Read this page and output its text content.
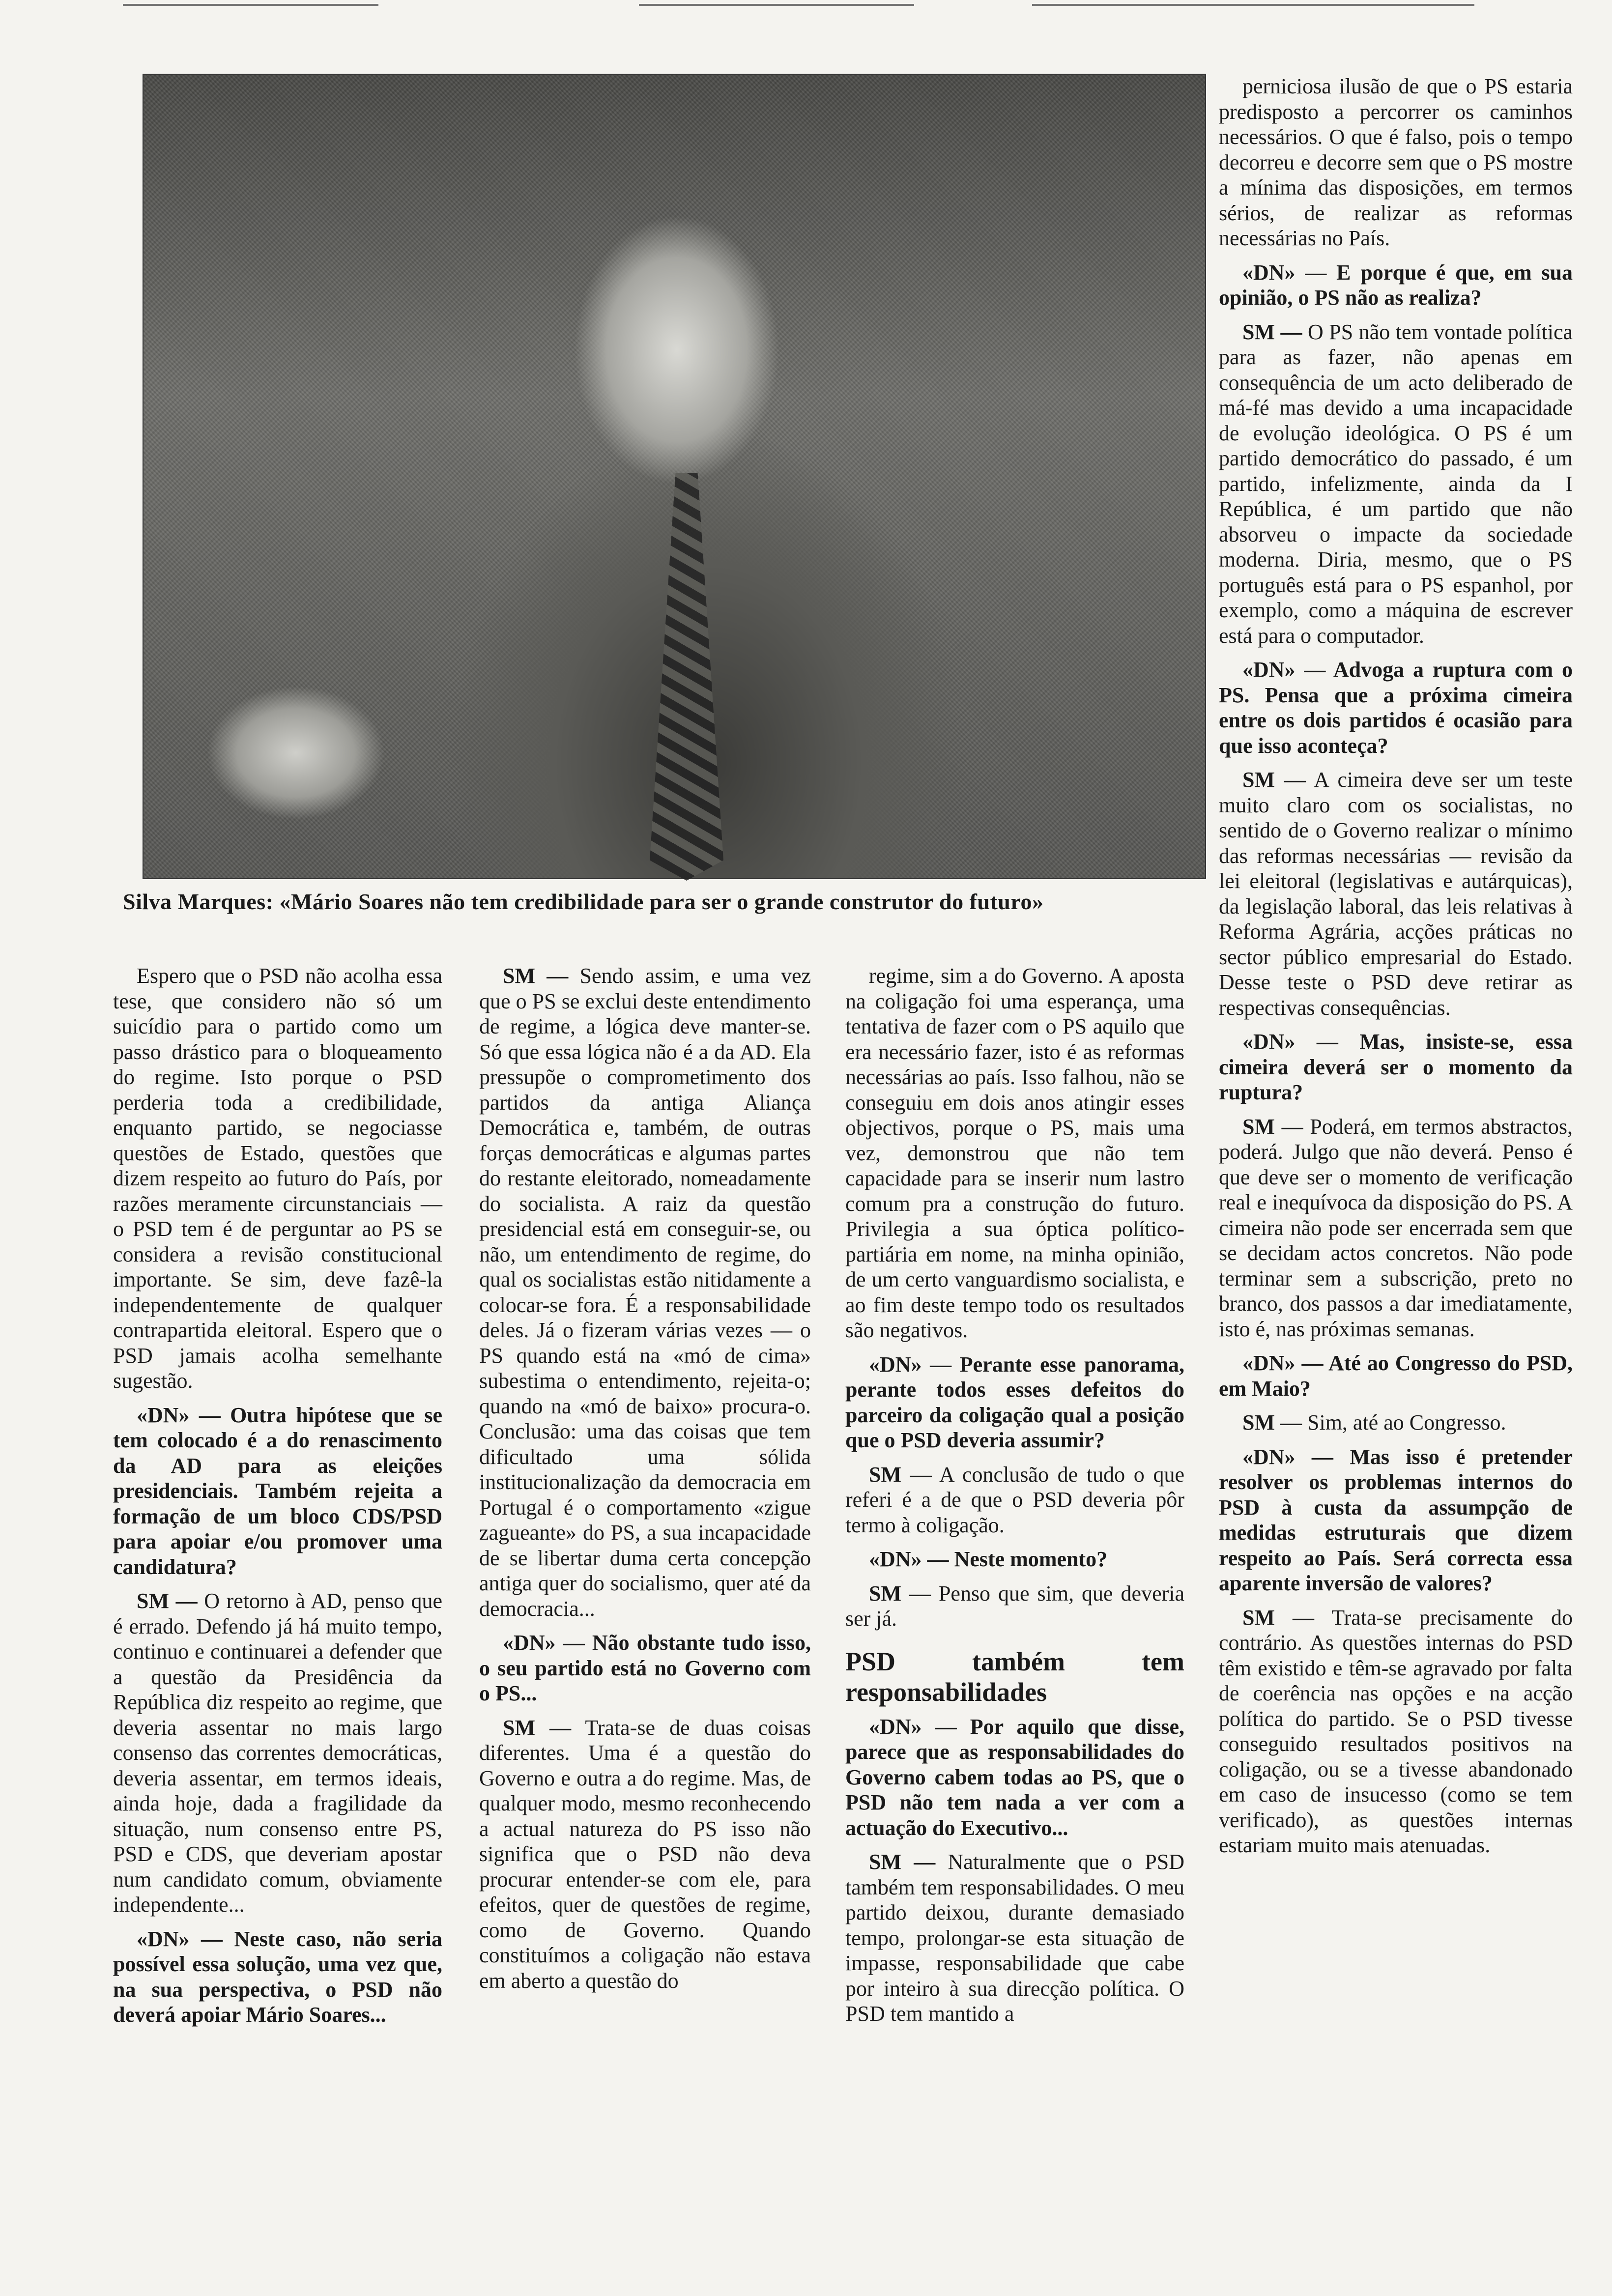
Silva Marques: «Mário Soares não tem credibilidade para ser o grande construtor do futuro»

Espero que o PSD não acolha essa tese, que considero não só um suicídio para o partido como um passo drástico para o bloqueamento do regime. Isto porque o PSD perderia toda a credibilidade, enquanto partido, se negociasse questões de Estado, questões que dizem respeito ao futuro do País, por razões meramente circunstanciais — o PSD tem é de perguntar ao PS se considera a revisão constitucional importante. Se sim, deve fazê-la independentemente de qualquer contrapartida eleitoral. Espero que o PSD jamais acolha semelhante sugestão.

«DN» — Outra hipótese que se tem colocado é a do renascimento da AD para as eleições presidenciais. Também rejeita a formação de um bloco CDS/PSD para apoiar e/ou promover uma candidatura?

SM — O retorno à AD, penso que é errado. Defendo já há muito tempo, continuo e continuarei a defender que a questão da Presidência da República diz respeito ao regime, que deveria assentar no mais largo consenso das correntes democráticas, deveria assentar, em termos ideais, ainda hoje, dada a fragilidade da situação, num consenso entre PS, PSD e CDS, que deveriam apostar num candidato comum, obviamente independente...

«DN» — Neste caso, não seria possível essa solução, uma vez que, na sua perspectiva, o PSD não deverá apoiar Mário Soares...

SM — Sendo assim, e uma vez que o PS se exclui deste entendimento de regime, a lógica deve manter-se. Só que essa lógica não é a da AD. Ela pressupõe o comprometimento dos partidos da antiga Aliança Democrática e, também, de outras forças democráticas e algumas partes do restante eleitorado, nomeadamente do socialista. A raiz da questão presidencial está em conseguir-se, ou não, um entendimento de regime, do qual os socialistas estão nitidamente a colocar-se fora. É a responsabilidade deles. Já o fizeram várias vezes — o PS quando está na «mó de cima» subestima o entendimento, rejeita-o; quando na «mó de baixo» procura-o. Conclusão: uma das coisas que tem dificultado uma sólida institucionalização da democracia em Portugal é o comportamento «zigue zagueante» do PS, a sua incapacidade de se libertar duma certa concepção antiga quer do socialismo, quer até da democracia...

«DN» — Não obstante tudo isso, o seu partido está no Governo com o PS...

SM — Trata-se de duas coisas diferentes. Uma é a questão do Governo e outra a do regime. Mas, de qualquer modo, mesmo reconhecendo a actual natureza do PS isso não significa que o PSD não deva procurar entender-se com ele, para efeitos, quer de questões de regime, como de Governo. Quando constituímos a coligação não estava em aberto a questão do

regime, sim a do Governo. A aposta na coligação foi uma esperança, uma tentativa de fazer com o PS aquilo que era necessário fazer, isto é as reformas necessárias ao país. Isso falhou, não se conseguiu em dois anos atingir esses objectivos, porque o PS, mais uma vez, demonstrou que não tem capacidade para se inserir num lastro comum pra a construção do futuro. Privilegia a sua óptica político-partiária em nome, na minha opinião, de um certo vanguardismo socialista, e ao fim deste tempo todo os resultados são negativos.

«DN» — Perante esse panorama, perante todos esses defeitos do parceiro da coligação qual a posição que o PSD deveria assumir?

SM — A conclusão de tudo o que referi é a de que o PSD deveria pôr termo à coligação.

«DN» — Neste momento?

SM — Penso que sim, que deveria ser já.

PSD também tem responsabilidades

«DN» — Por aquilo que disse, parece que as responsabilidades do Governo cabem todas ao PS, que o PSD não tem nada a ver com a actuação do Executivo...

SM — Naturalmente que o PSD também tem responsabilidades. O meu partido deixou, durante demasiado tempo, prolongar-se esta situação de impasse, responsabilidade que cabe por inteiro à sua direcção política. O PSD tem mantido a

perniciosa ilusão de que o PS estaria predisposto a percorrer os caminhos necessários. O que é falso, pois o tempo decorreu e decorre sem que o PS mostre a mínima das disposições, em termos sérios, de realizar as reformas necessárias no País.

«DN» — E porque é que, em sua opinião, o PS não as realiza?

SM — O PS não tem vontade política para as fazer, não apenas em consequência de um acto deliberado de má-fé mas devido a uma incapacidade de evolução ideológica. O PS é um partido democrático do passado, é um partido, infelizmente, ainda da I República, é um partido que não absorveu o impacte da sociedade moderna. Diria, mesmo, que o PS português está para o PS espanhol, por exemplo, como a máquina de escrever está para o computador.

«DN» — Advoga a ruptura com o PS. Pensa que a próxima cimeira entre os dois partidos é ocasião para que isso aconteça?

SM — A cimeira deve ser um teste muito claro com os socialistas, no sentido de o Governo realizar o mínimo das reformas necessárias — revisão da lei eleitoral (legislativas e autárquicas), da legislação laboral, das leis relativas à Reforma Agrária, acções práticas no sector público empresarial do Estado. Desse teste o PSD deve retirar as respectivas consequências.

«DN» — Mas, insiste-se, essa cimeira deverá ser o momento da ruptura?

SM — Poderá, em termos abstractos, poderá. Julgo que não deverá. Penso é que deve ser o momento de verificação real e inequívoca da disposição do PS. A cimeira não pode ser encerrada sem que se decidam actos concretos. Não pode terminar sem a subscrição, preto no branco, dos passos a dar imediatamente, isto é, nas próximas semanas.

«DN» — Até ao Congresso do PSD, em Maio?

SM — Sim, até ao Congresso.

«DN» — Mas isso é pretender resolver os problemas internos do PSD à custa da assumpção de medidas estruturais que dizem respeito ao País. Será correcta essa aparente inversão de valores?

SM — Trata-se precisamente do contrário. As questões internas do PSD têm existido e têm-se agravado por falta de coerência nas opções e na acção política do partido. Se o PSD tivesse conseguido resultados positivos na coligação, ou se a tivesse abandonado em caso de insucesso (como se tem verificado), as questões internas estariam muito mais atenuadas.
